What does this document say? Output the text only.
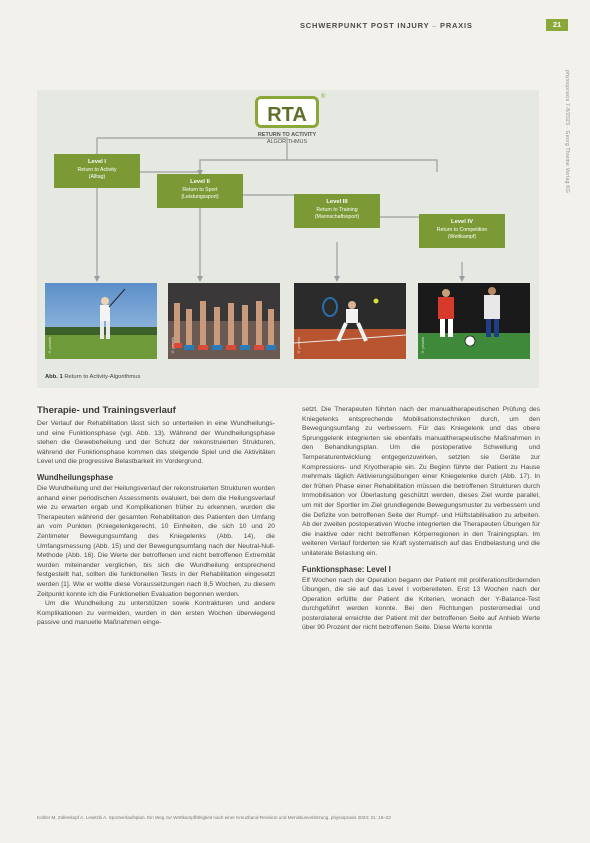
SCHWERPUNKT POST INJURY – PRAXIS	21
physiopraxis 7-8/2023 · Georg Thieme Verlag KG
RTA
®
RETURN TO ACTIVITY
ALGORITHMUS
Level I
Return to Activity
(Alltag)
Level II
Return to Sport
(Leistungssport)
Level III
Return to Training
(Mannschaftssport)
Level IV
Return to Competition
(Wettkampf)
© pexels	© pexels	© pexels	© pexels
Abb. 1 Return to Activity-Algorithmus
Therapie- und Trainingsverlauf

Der Verlauf der Rehabilitation lässt sich so unterteilen in eine Wundheilungs- und eine Funktionsphase (vgl. Abb. 13). Während der Wundheilungsphase stehen die Gewebeheilung und der Schutz der rekonstruierten Strukturen, während der Funktionsphase kommen das steigende Spiel und die Aktivitäten Level und die progressive Belastbarkeit im Vordergrund.

Wundheilungsphase

Die Wundheilung und der Heilungsverlauf der rekonstruierten Strukturen wurden anhand einer periodischen Assessments evaluiert, bei dem die Heilungsverlauf wie zu erwarten ergab und Komplikationen früher zu erkennen, wurden die Therapeuten während der gesamten Rehabilitation des Patienten den Umfang an vom Punkten (Kniegelenkgerecht, 10 Einheiten, die sich 10 und 20 Zentimeter Bewegungsumfang des Kniegelenks (Abb. 14), die Umfangsmessung (Abb. 15) und der Bewegungsumfang nach der Neutral-Null-Methode (Abb. 16). Die Werte der betroffenen und nicht betroffenen Extremität wurden miteinander verglichen, bis sich die Wundheilung entsprechend festgestellt hat, sollten die funktionellen Tests in der Rehabilitation eingesetzt werden [1]. Wie er wollte diese Voraussetzungen nach 8,5 Wochen, zu diesem Zeitpunkt konnte ich die Funktionellen Evaluation begonnen werden.

Um die Wundheilung zu unterstützen sowie Kontrakturen und andere Komplikationen zu vermeiden, wurden in den ersten Wochen überwiegend passive und manuelle Maßnahmen einge-

setzt. Die Therapeuten führten nach der manualtherapeutischen Prüfung des Kniegelenks entsprechende Mobilisationstechniken durch, um den Bewegungsumfang zu verbessern. Für das Kniegelenk und das obere Sprunggelenk integrierten sie ebenfalls manualtherapeutische Maßnahmen in den Behandlungsplan. Um die postoperative Schwellung und Temperaturentwicklung entgegenzuwirken, setzten sie Geräte zur Kompressions- und Kryotherapie ein. Zu Beginn führte der Patient zu Hause mehrmals täglich Aktivierungsübungen einer Kniegelenke durch (Abb. 17). In der frühen Phase einer Rehabilitation müssen die betroffenen Strukturen durch Immobilisation vor Überlastung geschützt werden, dieses Ziel wurde parallel, um mit der Sportler im Ziel grundlegende Bewegungsmuster zu verbessern und die Defizite von betroffenen Seite der Rumpf- und Hüftstabilisation zu arbeiten. Ab der zweiten postoperativen Woche integrierten die Therapeuten Übungen für die inaktive oder nicht betroffenen Körperregionen in den Trainingsplan. Im weiteren Verlauf forderten sie Kraft systematisch auf das Endbelastung und die unilaterale Belastung ein.

Funktionsphase: Level I

Elf Wochen nach der Operation begann der Patient mit proliferationsfördernden Übungen, die sie auf das Level I vorbereiteten. Erst 13 Wochen nach der Operation erfüllte der Patient die Kriterien, wonach der Y-Balance-Test durchgeführt werden konnte. Bei den Richtungen posteromedial und posterolateral erreichte der Patient mit der betroffenen Seite auf Anhieb Werte über 90 Prozent der nicht betroffenen Seite. Diese Werte konnte

Kohler M, Zollenkopf A. Lewitzki A. Sportverlaufsplan. Ein Weg zur Wettkampffähigkeit nach einer Kreuzband-Revision und Meniskusverletzung. physiopraxis 2023; 21: 16–22
